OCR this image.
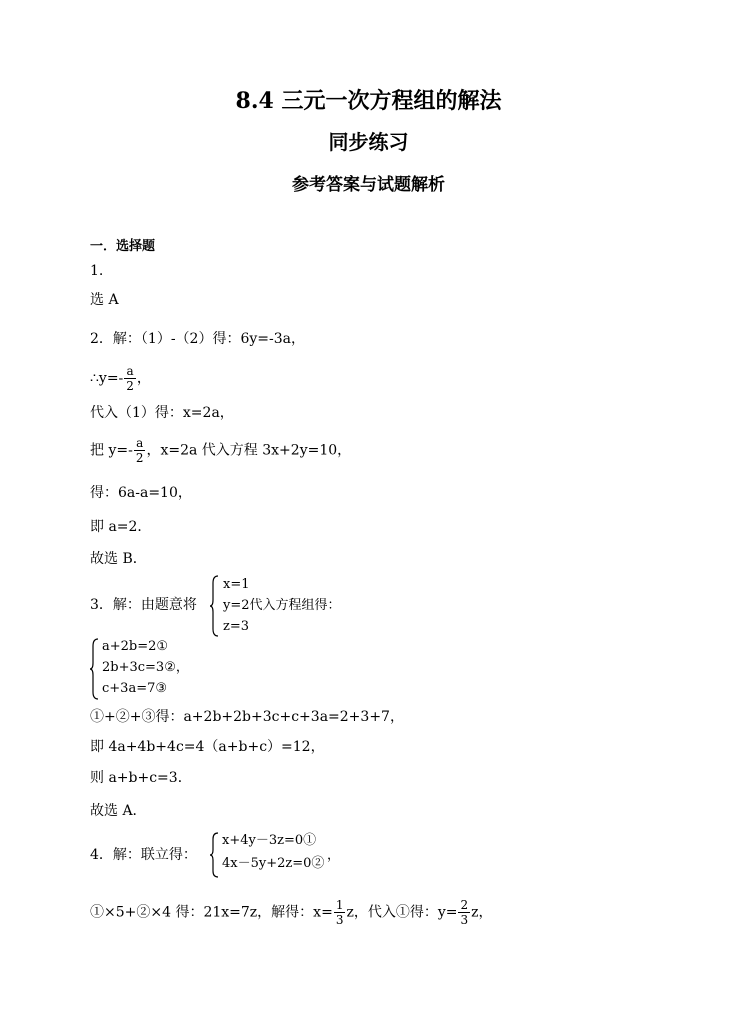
8.4 三元一次方程组的解法
同步练习
参考答案与试题解析
一．选择题
1.
选 A
2．解：（1）-（2）得：6y=-3a，
∴y=- $\frac{a}{2}$ ，
代入（1）得：x=2a，
把 $y=- \frac{a}{2}$ ，x=2a 代入方程 3x+2y=10，
得：6a-a=10，
即 a=2．
故选 B．
3．解：由题意将
x=1
y=2代入方程组得：
z=3
a+2b=2①
2b+3c=3②，
c+3a=7③
①+②+③得：a+2b+2b+3c+c+3a=2+3+7，
即 4a+4b+4c=4（a+b+c）=12，
则 a+b+c=3．
故选 A．
4．解：联立得：
x+4y－3z=0①
4x－5y+2z=0②
，
①×5+②×4 得：21x=7z，解得：$x= \frac{1}{3}$ z，代入①得：$y= \frac{2}{3}$ z，
